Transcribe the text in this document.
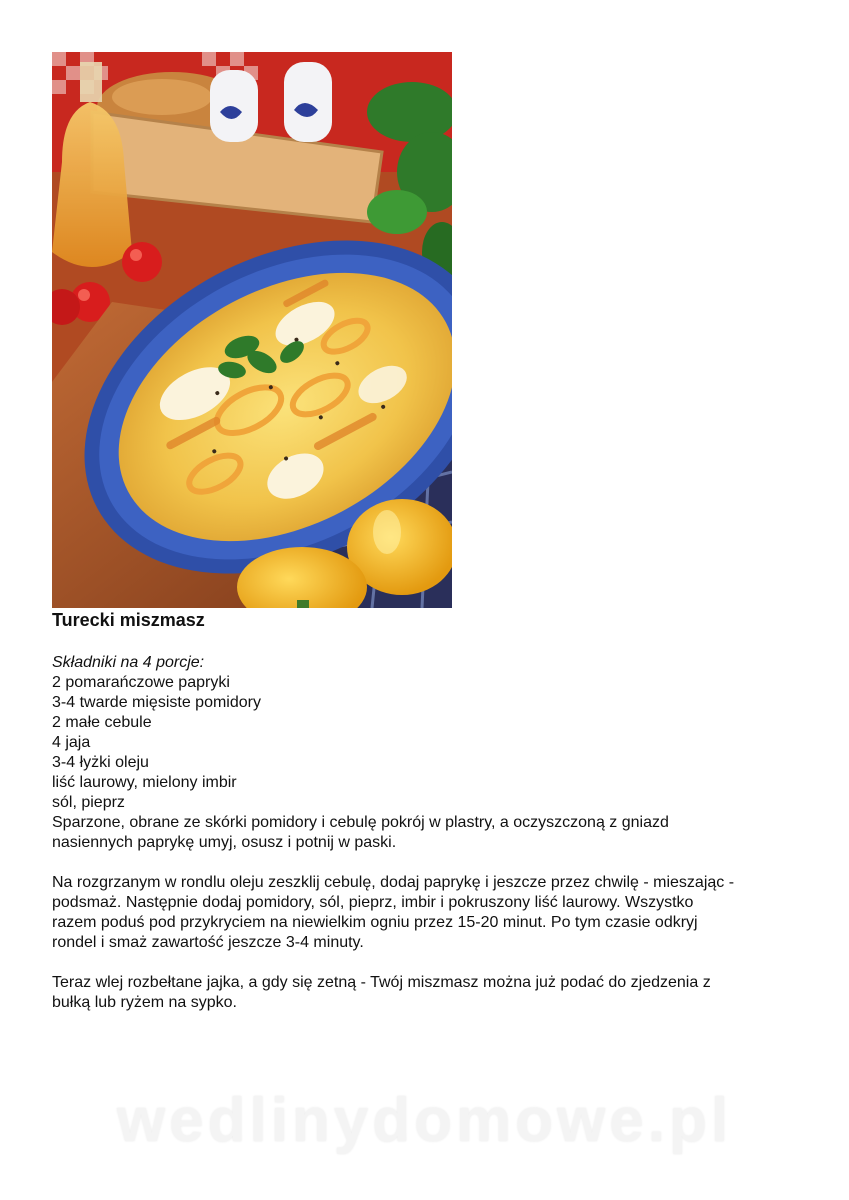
Turecki miszmasz
Składniki na 4 porcje:
2 pomarańczowe papryki
3-4 twarde mięsiste pomidory
2 małe cebule
4 jaja
3-4 łyżki oleju
liść laurowy, mielony imbir
sól, pieprz

Sparzone, obrane ze skórki pomidory i cebulę pokrój w plastry, a oczyszczoną z gniazd
nasiennych paprykę umyj, osusz i potnij w paski.

Na rozgrzanym w rondlu oleju zeszklij cebulę, dodaj paprykę i jeszcze przez chwilę - mieszając -
podsmaż. Następnie dodaj pomidory, sól, pieprz, imbir i pokruszony liść laurowy. Wszystko
razem poduś pod przykryciem na niewielkim ogniu przez 15-20 minut. Po tym czasie odkryj
rondel i smaż zawartość jeszcze 3-4 minuty.

Teraz wlej rozbełtane jajka, a gdy się zetną - Twój miszmasz można już podać do zjedzenia z
bułką lub ryżem na sypko.

wedlinydomowe.pl
